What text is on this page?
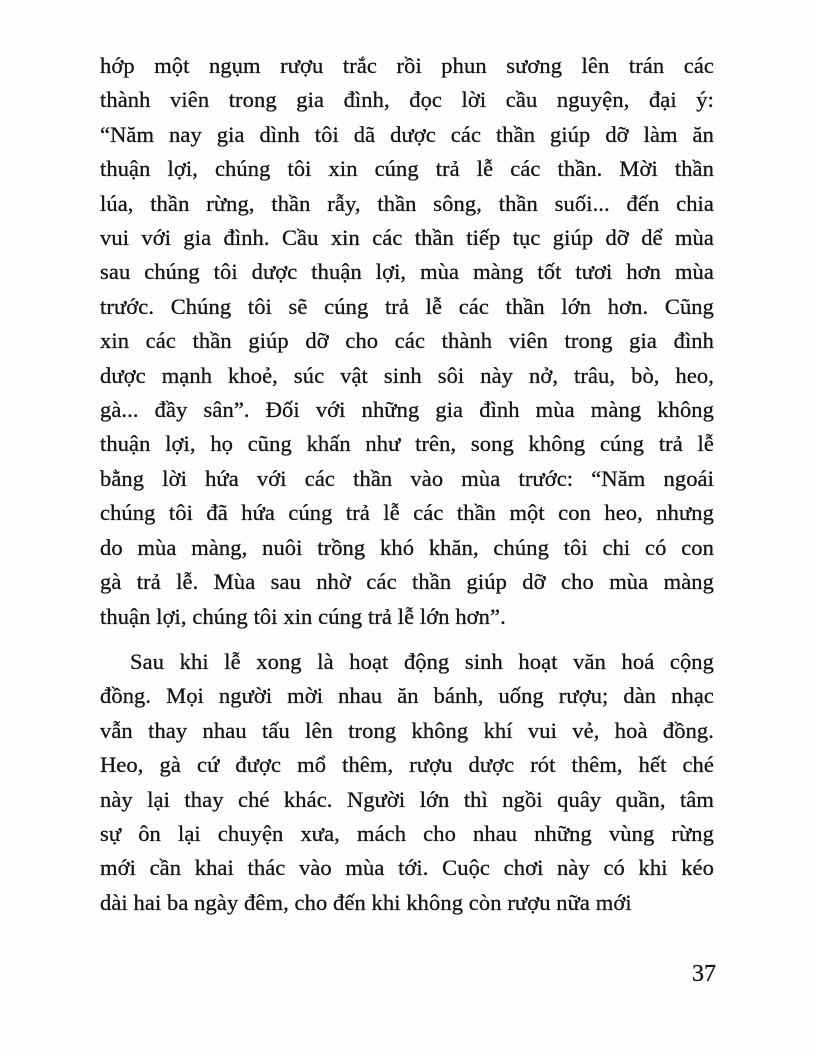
hớp một ngụm rượu trắc rồi phun sương lên trán các
thành viên trong gia đình, đọc lời cầu nguyện, đại ý:
“Năm nay gia dình tôi dã dược các thần giúp dỡ làm ăn
thuận lợi, chúng tôi xin cúng trả lễ các thần. Mời thần
lúa, thần rừng, thần rẫy, thần sông, thần suối... đến chia
vui với gia đình. Cầu xin các thần tiếp tục giúp dỡ dể mùa
sau chúng tôi dược thuận lợi, mùa màng tốt tươi hơn mùa
trước. Chúng tôi sẽ cúng trả lễ các thần lớn hơn. Cũng
xin các thần giúp dỡ cho các thành viên trong gia đình
dược mạnh khoẻ, súc vật sinh sôi này nở, trâu, bò, heo,
gà... đầy sân”. Đối với những gia đình mùa màng không
thuận lợi, họ cũng khấn như trên, song không cúng trả lễ
bằng lời hứa với các thần vào mùa trước: “Năm ngoái
chúng tôi đã hứa cúng trả lễ các thần một con heo, nhưng
do mùa màng, nuôi trồng khó khăn, chúng tôi chi có con
gà trả lễ. Mùa sau nhờ các thần giúp dỡ cho mùa màng
thuận lợi, chúng tôi xin cúng trả lễ lớn hơn”.
Sau khi lễ xong là hoạt động sinh hoạt văn hoá cộng
đồng. Mọi người mời nhau ăn bánh, uống rượu; dàn nhạc
vẫn thay nhau tấu lên trong không khí vui vẻ, hoà đồng.
Heo, gà cứ được mổ thêm, rượu dược rót thêm, hết ché
này lại thay ché khác. Người lớn thì ngồi quây quần, tâm
sự ôn lại chuyện xưa, mách cho nhau những vùng rừng
mới cần khai thác vào mùa tới. Cuộc chơi này có khi kéo
dài hai ba ngày đêm, cho đến khi không còn rượu nữa mới
37
